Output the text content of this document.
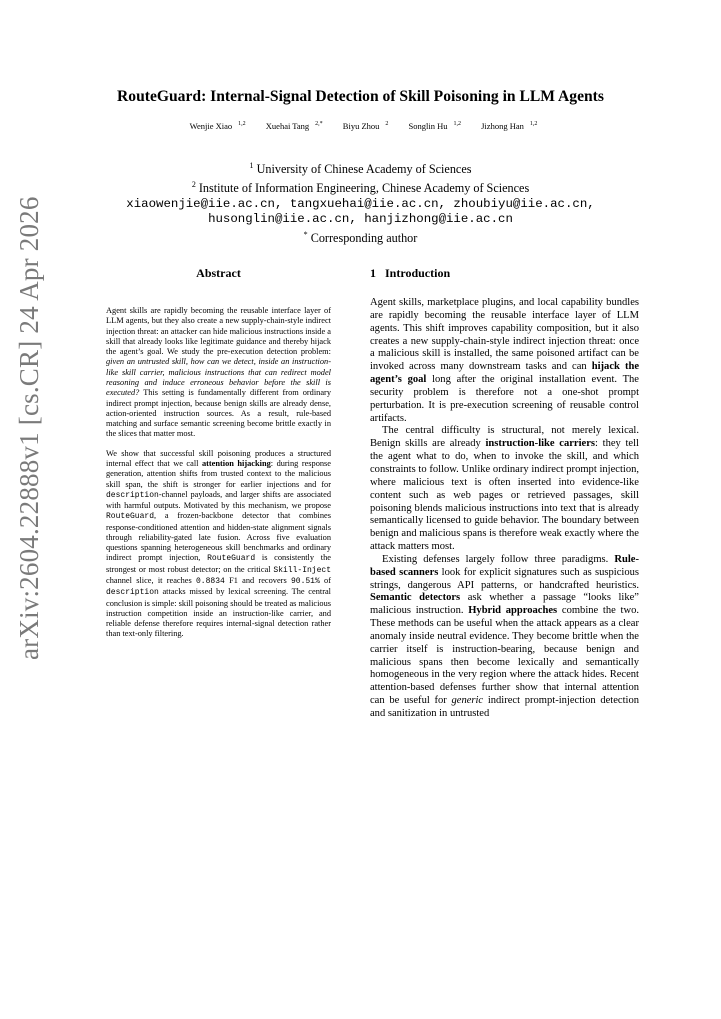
arXiv:2604.22888v1 [cs.CR] 24 Apr 2026
RouteGuard: Internal-Signal Detection of Skill Poisoning in LLM Agents
Wenjie Xiao $^{1,2}$ Xuehai Tang $^{2,*}$ Biyu Zhou $^2$ Songlin Hu $^{1,2}$ Jizhong Han $^{1,2}$
$^1$ University of Chinese Academy of Sciences
$^2$ Institute of Information Engineering, Chinese Academy of Sciences
xiaowenjie@iie.ac.cn, tangxuehai@iie.ac.cn, zhoubiyu@iie.ac.cn,
husonglin@iie.ac.cn, hanjizhong@iie.ac.cn
* Corresponding author
Abstract

Agent skills are rapidly becoming the reusable interface layer of LLM agents, but they also create a new supply-chain-style indirect injection threat: an attacker can hide malicious instructions inside a skill that already looks like legitimate guidance and thereby hijack the agent’s goal. We study the pre-execution detection problem: given an untrusted skill, how can we detect, inside an instruction-like skill carrier, malicious instructions that can redirect model reasoning and induce erroneous behavior before the skill is executed? This setting is fundamentally different from ordinary indirect prompt injection, because benign skills are already dense, action-oriented instruction sources. As a result, rule-based matching and surface semantic screening become brittle exactly in the slices that matter most.

We show that successful skill poisoning produces a structured internal effect that we call attention hijacking: during response generation, attention shifts from trusted context to the malicious skill span, the shift is stronger for earlier injections and for description-channel payloads, and larger shifts are associated with harmful outputs. Motivated by this mechanism, we propose RouteGuard, a frozen-backbone detector that combines response-conditioned attention and hidden-state alignment signals through reliability-gated late fusion. Across five evaluation questions spanning heterogeneous skill benchmarks and ordinary indirect prompt injection, RouteGuard is consistently the strongest or most robust detector; on the critical Skill-Inject channel slice, it reaches 0.8834 F1 and recovers 90.51% of description attacks missed by lexical screening. The central conclusion is simple: skill poisoning should be treated as malicious instruction competition inside an instruction-like carrier, and reliable defense therefore requires internal-signal detection rather than text-only filtering.

1 Introduction

Agent skills, marketplace plugins, and local capability bundles are rapidly becoming the reusable interface layer of LLM agents. This shift improves capability composition, but it also creates a new supply-chain-style indirect injection threat: once a malicious skill is installed, the same poisoned artifact can be invoked across many downstream tasks and can hijack the agent’s goal long after the original installation event. The security problem is therefore not a one-shot prompt perturbation. It is pre-execution screening of reusable control artifacts.

The central difficulty is structural, not merely lexical. Benign skills are already instruction-like carriers: they tell the agent what to do, when to invoke the skill, and which constraints to follow. Unlike ordinary indirect prompt injection, where malicious text is often inserted into evidence-like content such as web pages or retrieved passages, skill poisoning blends malicious instructions into text that is already semantically licensed to guide behavior. The boundary between benign and malicious spans is therefore weak exactly where the attack matters most.

Existing defenses largely follow three paradigms. Rule-based scanners look for explicit signatures such as suspicious strings, dangerous API patterns, or handcrafted heuristics. Semantic detectors ask whether a passage “looks like” malicious instruction. Hybrid approaches combine the two. These methods can be useful when the attack appears as a clear anomaly inside neutral evidence. They become brittle when the carrier itself is instruction-bearing, because benign and malicious spans then become lexically and semantically homogeneous in the very region where the attack hides. Recent attention-based defenses further show that internal attention can be useful for generic indirect prompt-injection detection and sanitization in untrusted
